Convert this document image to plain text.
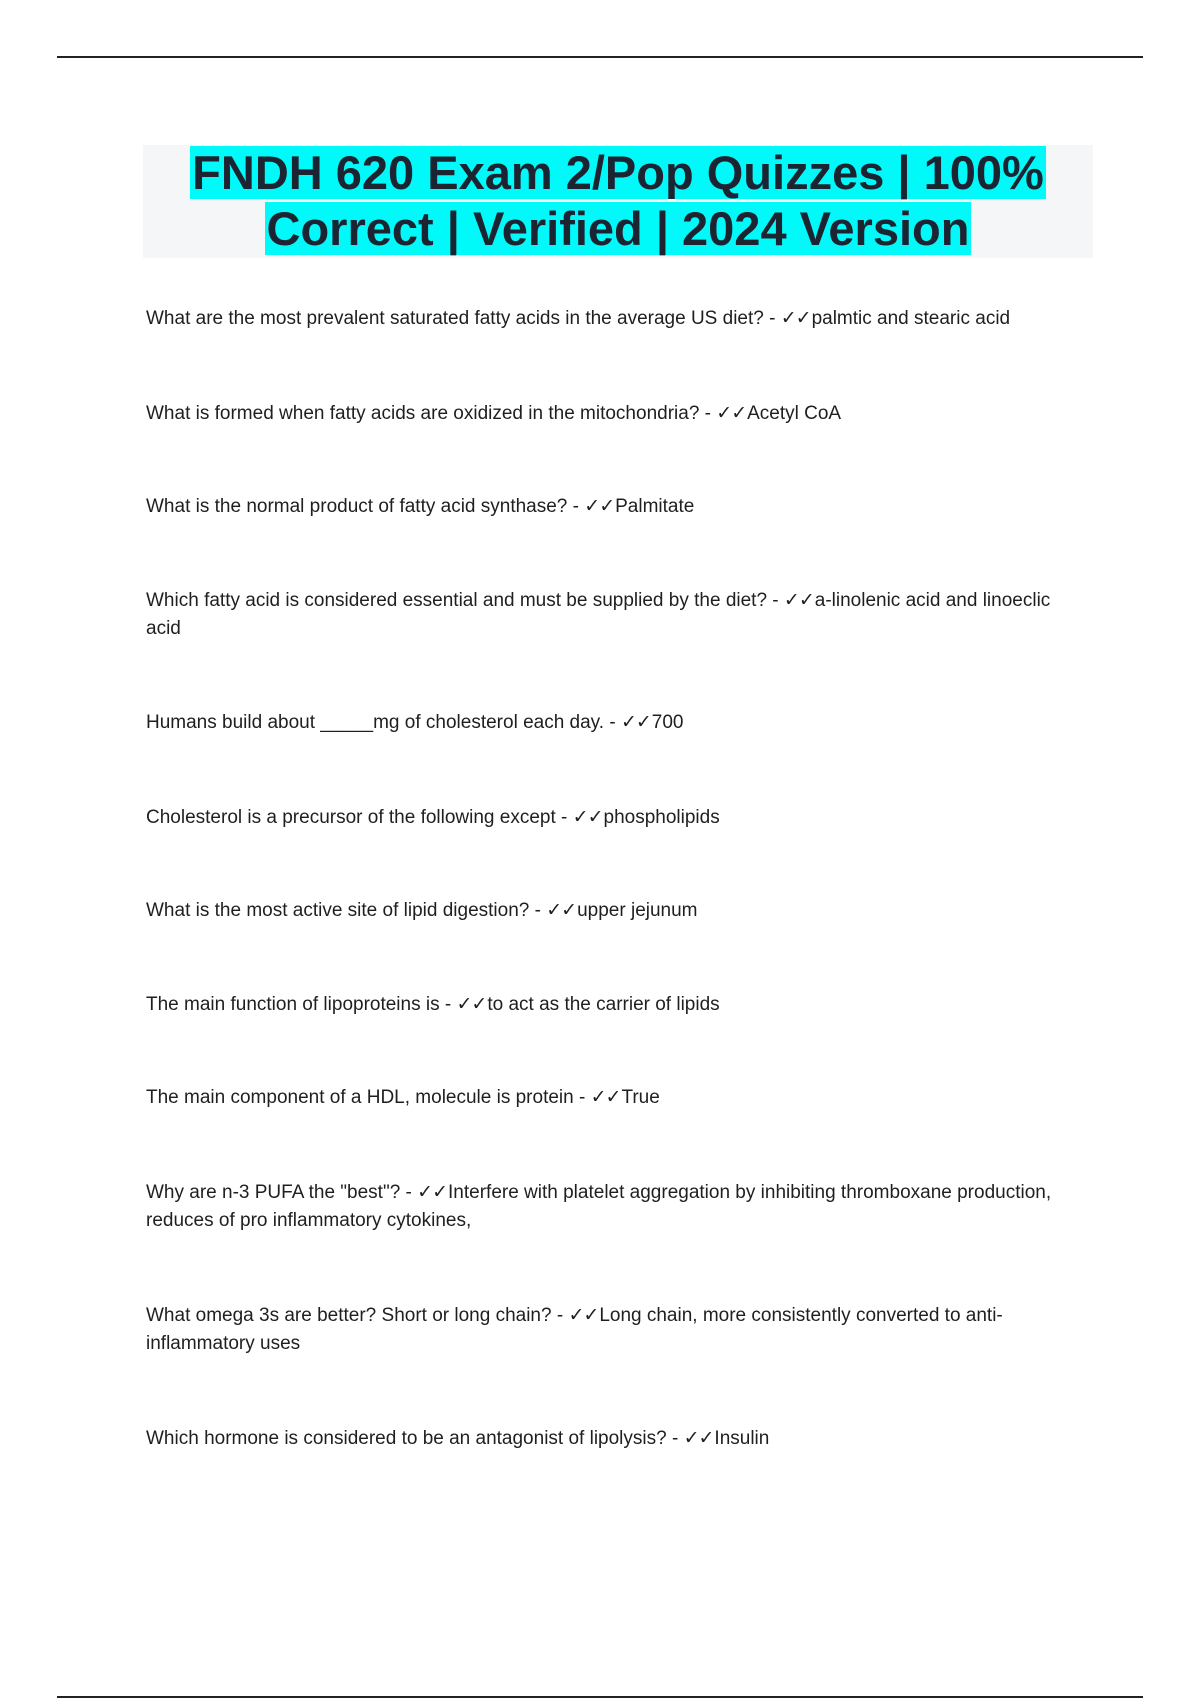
FNDH 620 Exam 2/Pop Quizzes | 100%
Correct | Verified | 2024 Version
What are the most prevalent saturated fatty acids in the average US diet? - ✓✓palmtic and stearic acid
What is formed when fatty acids are oxidized in the mitochondria? - ✓✓Acetyl CoA
What is the normal product of fatty acid synthase? - ✓✓Palmitate
Which fatty acid is considered essential and must be supplied by the diet? - ✓✓a-linolenic acid and linoeclic acid
Humans build about _____mg of cholesterol each day. - ✓✓700
Cholesterol is a precursor of the following except - ✓✓phospholipids
What is the most active site of lipid digestion? - ✓✓upper jejunum
The main function of lipoproteins is - ✓✓to act as the carrier of lipids
The main component of a HDL, molecule is protein - ✓✓True
Why are n-3 PUFA the "best"? - ✓✓Interfere with platelet aggregation by inhibiting thromboxane production, reduces of pro inflammatory cytokines,
What omega 3s are better? Short or long chain? - ✓✓Long chain, more consistently converted to anti-inflammatory uses
Which hormone is considered to be an antagonist of lipolysis? - ✓✓Insulin
